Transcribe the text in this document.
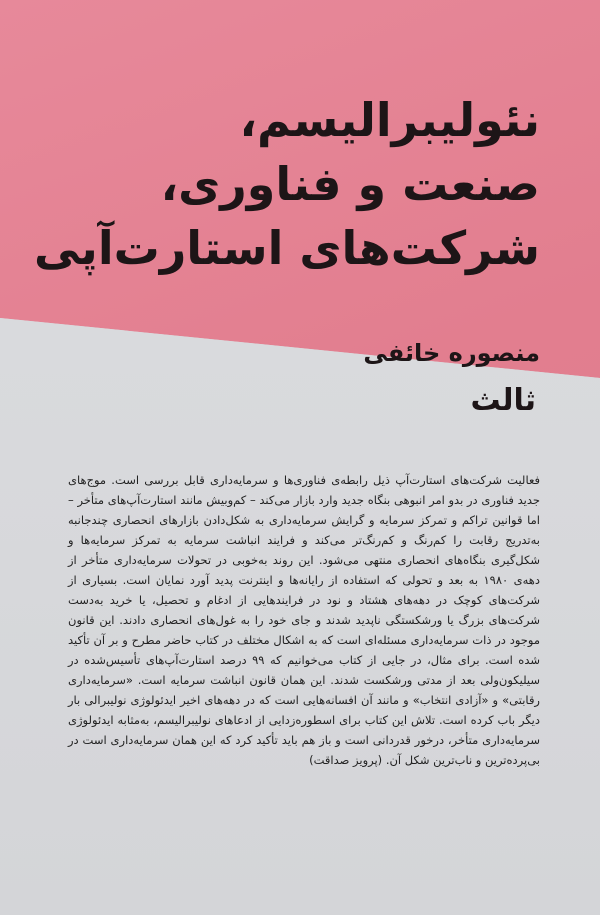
نئولیبرالیسم،
صنعت و فناوری،
شرکت‌های استارت‌آپی
منصوره خائفی
ثالث
فعالیت شرکت‌های استارت‌آپ ذیل رابطه‌ی فناوری‌ها و سرمایه‌داری قابل بررسی است. موج‌های جدید فناوری در بدو امر انبوهی بنگاه جدید وارد بازار می‌کند – کم‌وبیش مانند استارت‌آپ‌های متأخر – اما قوانین تراکم و تمرکز سرمایه و گرایش سرمایه‌داری به شکل‌دادن بازارهای انحصاری چندجانبه به‌تدریج رقابت را کم‌رنگ و کم‌رنگ‌تر می‌کند و فرایند انباشت سرمایه به تمرکز سرمایه‌ها و شکل‌گیری بنگاه‌های انحصاری منتهی می‌شود. این روند به‌خوبی در تحولات سرمایه‌داری متأخر از دهه‌ی ۱۹۸۰ به بعد و تحولی که استفاده از رایانه‌ها و اینترنت پدید آورد نمایان است. بسیاری از شرکت‌های کوچک در دهه‌های هشتاد و نود در فرایندهایی از ادغام و تحصیل، یا خرید به‌دست شرکت‌های بزرگ یا ورشکستگی ناپدید شدند و جای خود را به غول‌های انحصاری دادند. این قانون موجود در ذات سرمایه‌داری مسئله‌ای است که به اشکال مختلف در کتاب حاضر مطرح و بر آن تأکید شده است. برای مثال، در جایی از کتاب می‌خوانیم که ۹۹ درصد استارت‌آپ‌های تأسیس‌شده در سیلیکون‌ولی بعد از مدتی ورشکست شدند. این همان قانون انباشت سرمایه است. «سرمایه‌داری رقابتی» و «آزادی انتخاب» و مانند آن افسانه‌هایی است که در دهه‌های اخیر ایدئولوژی نولیبرالی بار دیگر باب کرده است. تلاش این کتاب برای اسطوره‌زدایی از ادعاهای نولیبرالیسم، به‌مثابه ایدئولوژی سرمایه‌داری متأخر، درخور قدردانی است و باز هم باید تأکید کرد که این همان سرمایه‌داری است در بی‌پرده‌ترین و ناب‌ترین شکل آن. (پرویز صداقت)
